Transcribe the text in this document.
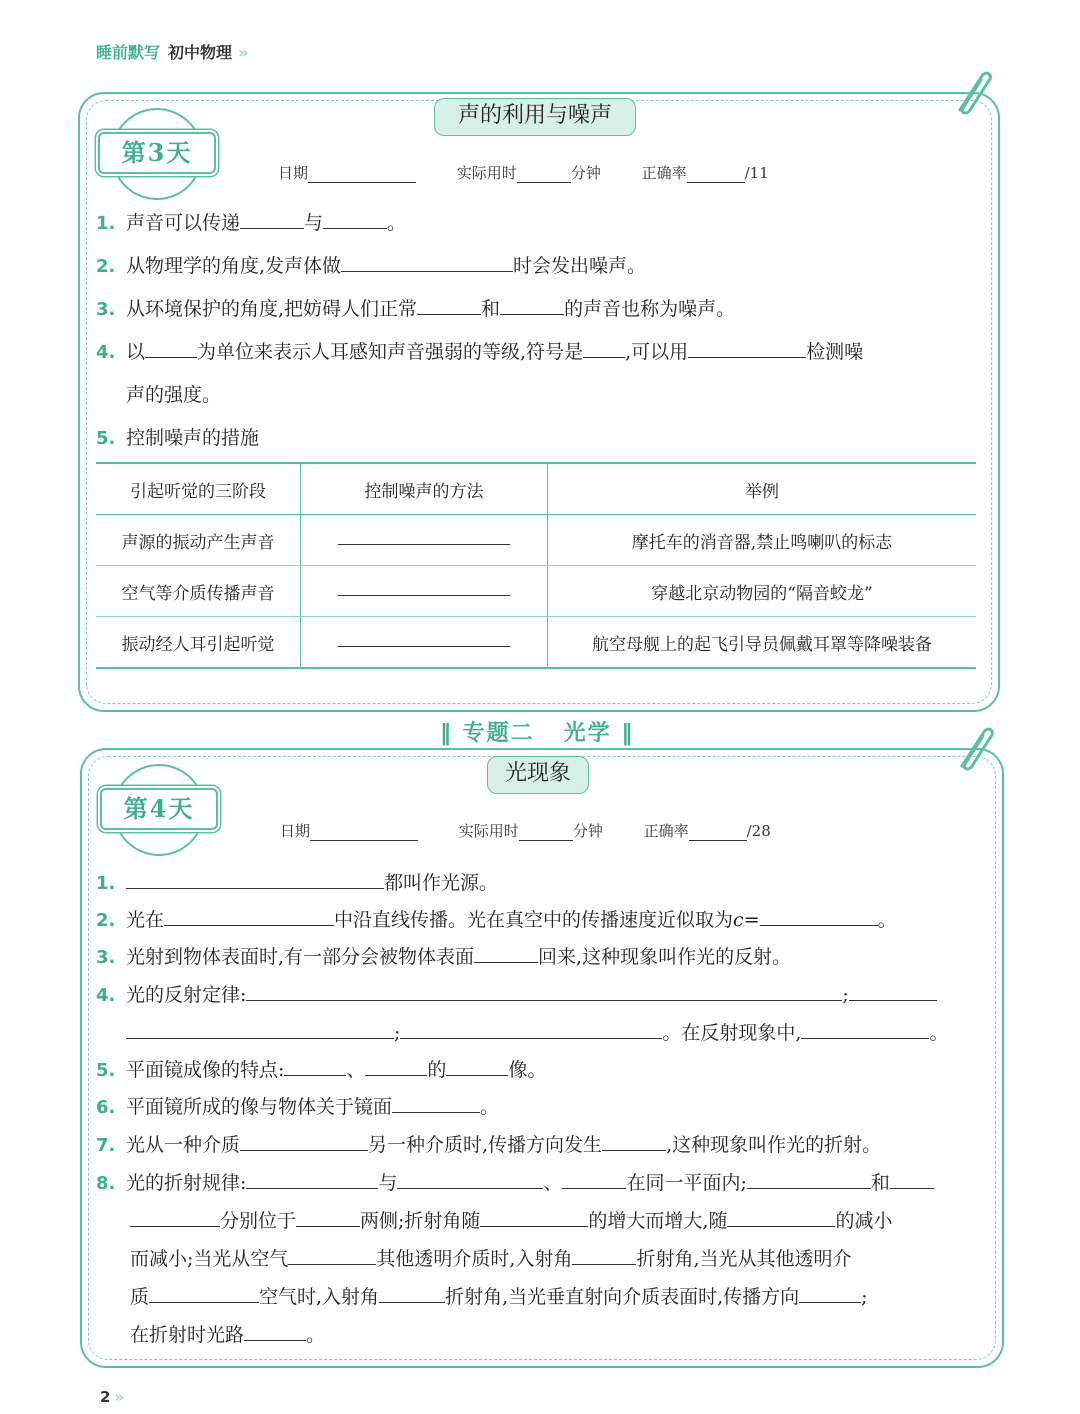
睡前默写 初中物理 »
声的利用与噪声
第3天
日期	实际用时	分钟	正确率	/11
1. 声音可以传递	与	。
2. 从物理学的角度,发声体做	时会发出噪声。
3. 从环境保护的角度,把妨碍人们正常	和	的声音也称为噪声。
4. 以	为单位来表示人耳感知声音强弱的等级,符号是 ,可以用	检测噪
声的强度。
5. 控制噪声的措施
引起听觉的三阶段	控制噪声的方法	举例
声源的振动产生声音		摩托车的消音器,禁止鸣喇叭的标志
空气等介质传播声音		穿越北京动物园的“隔音蛟龙”
振动经人耳引起听觉		航空母舰上的起飞引导员佩戴耳罩等降噪装备
‖ 专题二 光学 ‖
光现象
第4天
日期	实际用时	分钟	正确率	/28
1.	都叫作光源。
2. 光在	中沿直线传播。光在真空中的传播速度近似取为c=	。
3. 光射到物体表面时,有一部分会被物体表面	回来,这种现象叫作光的反射。
4. 光的反射定律:	;
;	。在反射现象中,	。
5. 平面镜成像的特点:	、	的	像。
6. 平面镜所成的像与物体关于镜面	。
7. 光从一种介质	另一种介质时,传播方向发生	,这种现象叫作光的折射。
8. 光的折射规律:	与	、	在同一平面内;	和
分别位于	两侧;折射角随	的增大而增大,随	的减小
而减小;当光从空气	其他透明介质时,入射角	折射角,当光从其他透明介
质	空气时,入射角	折射角,当光垂直射向介质表面时,传播方向	;
在折射时光路	。
2 »
